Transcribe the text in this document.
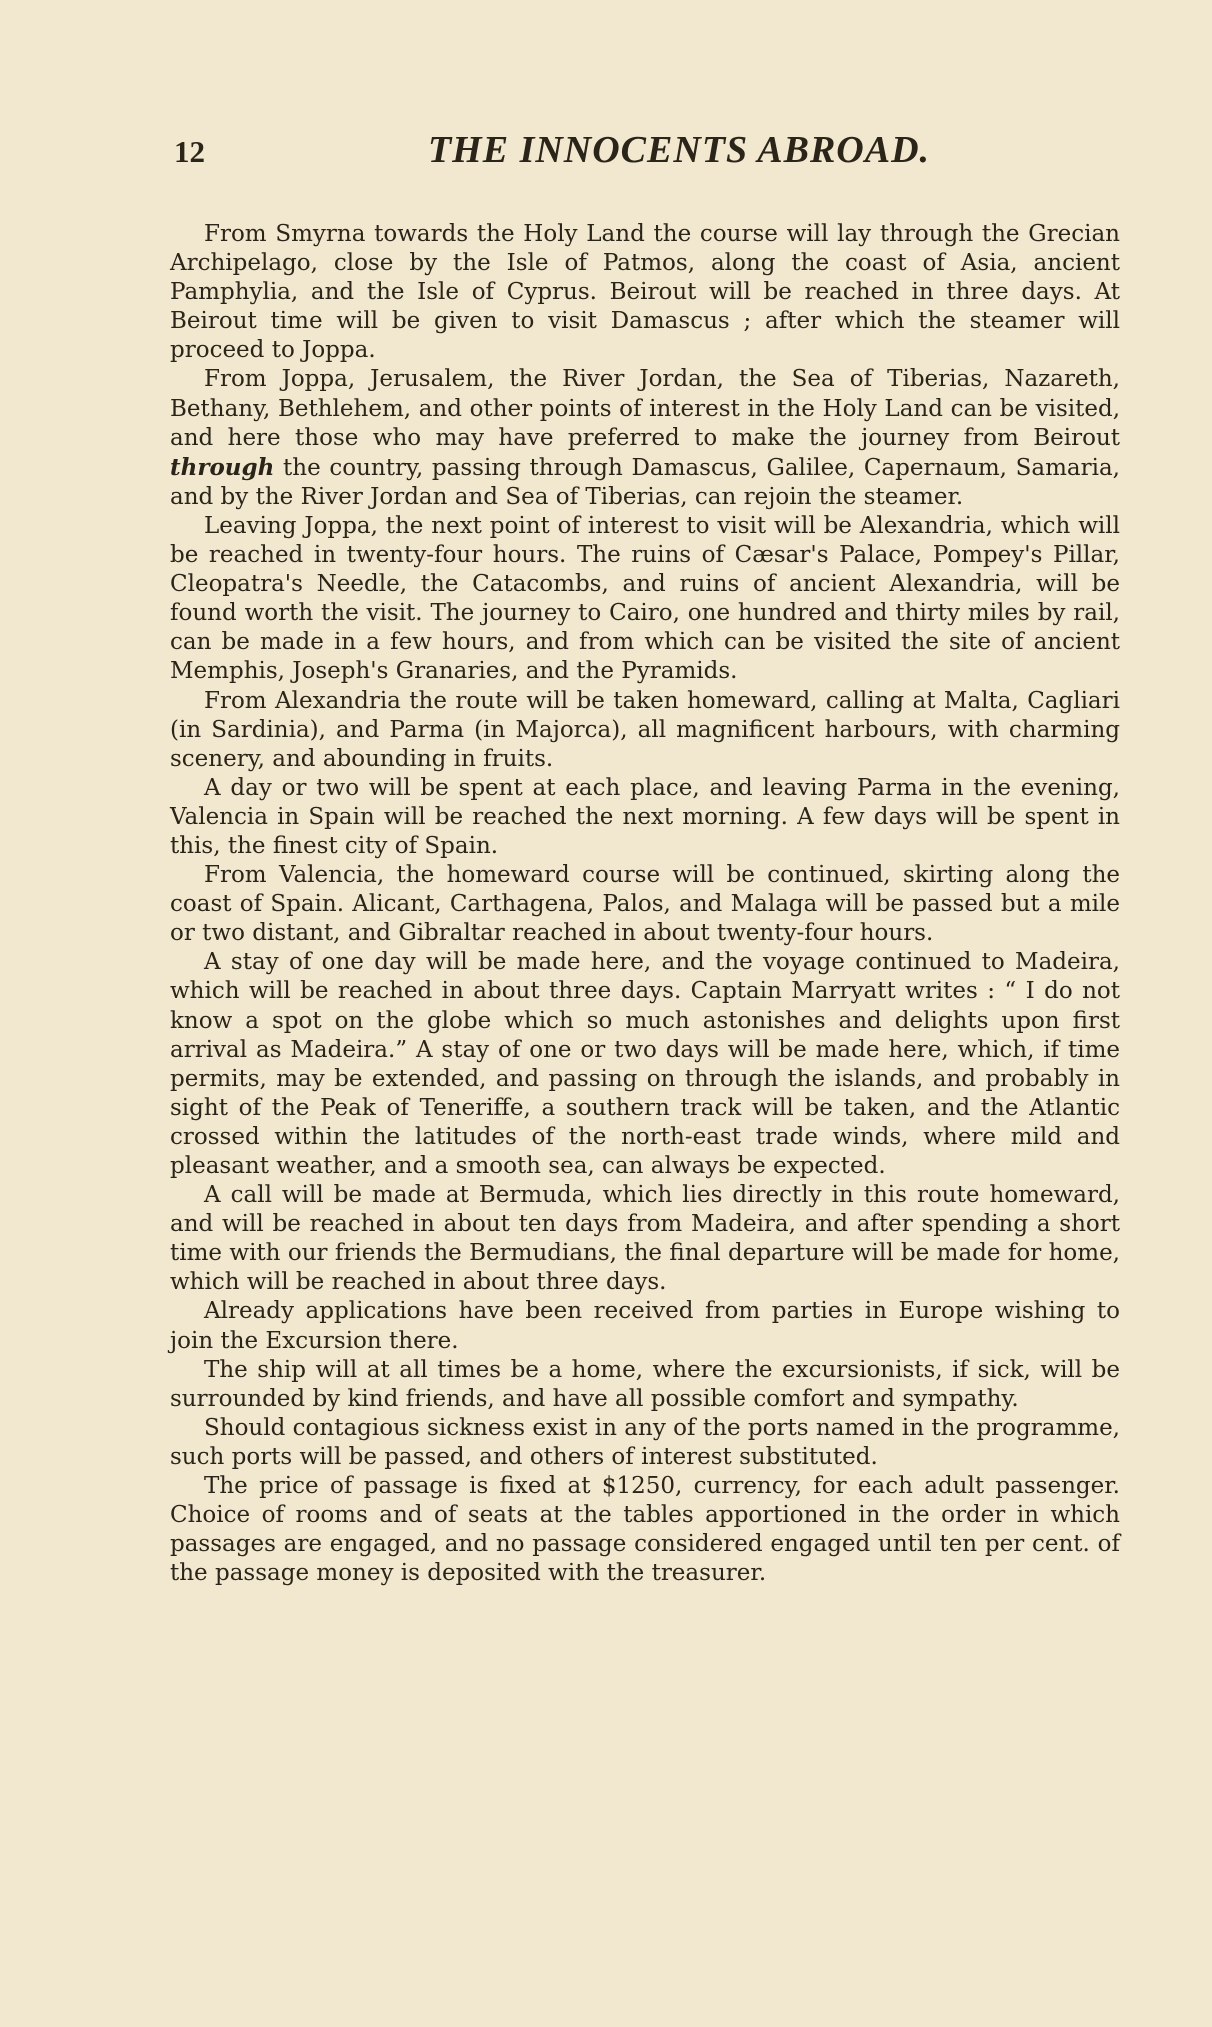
12	THE INNOCENTS ABROAD.

From Smyrna towards the Holy Land the course will lay through the Grecian Archipelago, close by the Isle of Patmos, along the coast of Asia, ancient Pamphylia, and the Isle of Cyprus. Beirout will be reached in three days. At Beirout time will be given to visit Damascus ; after which the steamer will proceed to Joppa.

From Joppa, Jerusalem, the River Jordan, the Sea of Tiberias, Nazareth, Bethany, Bethlehem, and other points of interest in the Holy Land can be visited, and here those who may have preferred to make the journey from Beirout through the country, passing through Damascus, Galilee, Capernaum, Samaria, and by the River Jordan and Sea of Tiberias, can rejoin the steamer.

Leaving Joppa, the next point of interest to visit will be Alexandria, which will be reached in twenty-four hours. The ruins of Cæsar's Palace, Pompey's Pillar, Cleopatra's Needle, the Catacombs, and ruins of ancient Alexandria, will be found worth the visit. The journey to Cairo, one hundred and thirty miles by rail, can be made in a few hours, and from which can be visited the site of ancient Memphis, Joseph's Granaries, and the Pyramids.

From Alexandria the route will be taken homeward, calling at Malta, Cagliari (in Sardinia), and Parma (in Majorca), all magnificent harbours, with charming scenery, and abounding in fruits.

A day or two will be spent at each place, and leaving Parma in the evening, Valencia in Spain will be reached the next morning. A few days will be spent in this, the finest city of Spain.

From Valencia, the homeward course will be continued, skirting along the coast of Spain. Alicant, Carthagena, Palos, and Malaga will be passed but a mile or two distant, and Gibraltar reached in about twenty-four hours.

A stay of one day will be made here, and the voyage continued to Madeira, which will be reached in about three days. Captain Marryatt writes : “ I do not know a spot on the globe which so much astonishes and delights upon first arrival as Madeira.” A stay of one or two days will be made here, which, if time permits, may be extended, and passing on through the islands, and probably in sight of the Peak of Teneriffe, a southern track will be taken, and the Atlantic crossed within the latitudes of the north-east trade winds, where mild and pleasant weather, and a smooth sea, can always be expected.

A call will be made at Bermuda, which lies directly in this route homeward, and will be reached in about ten days from Madeira, and after spending a short time with our friends the Bermudians, the final departure will be made for home, which will be reached in about three days.

Already applications have been received from parties in Europe wishing to join the Excursion there.

The ship will at all times be a home, where the excursionists, if sick, will be surrounded by kind friends, and have all possible comfort and sympathy.

Should contagious sickness exist in any of the ports named in the programme, such ports will be passed, and others of interest substituted.

The price of passage is fixed at $1250, currency, for each adult passenger. Choice of rooms and of seats at the tables apportioned in the order in which passages are engaged, and no passage considered engaged until ten per cent. of the passage money is deposited with the treasurer.
